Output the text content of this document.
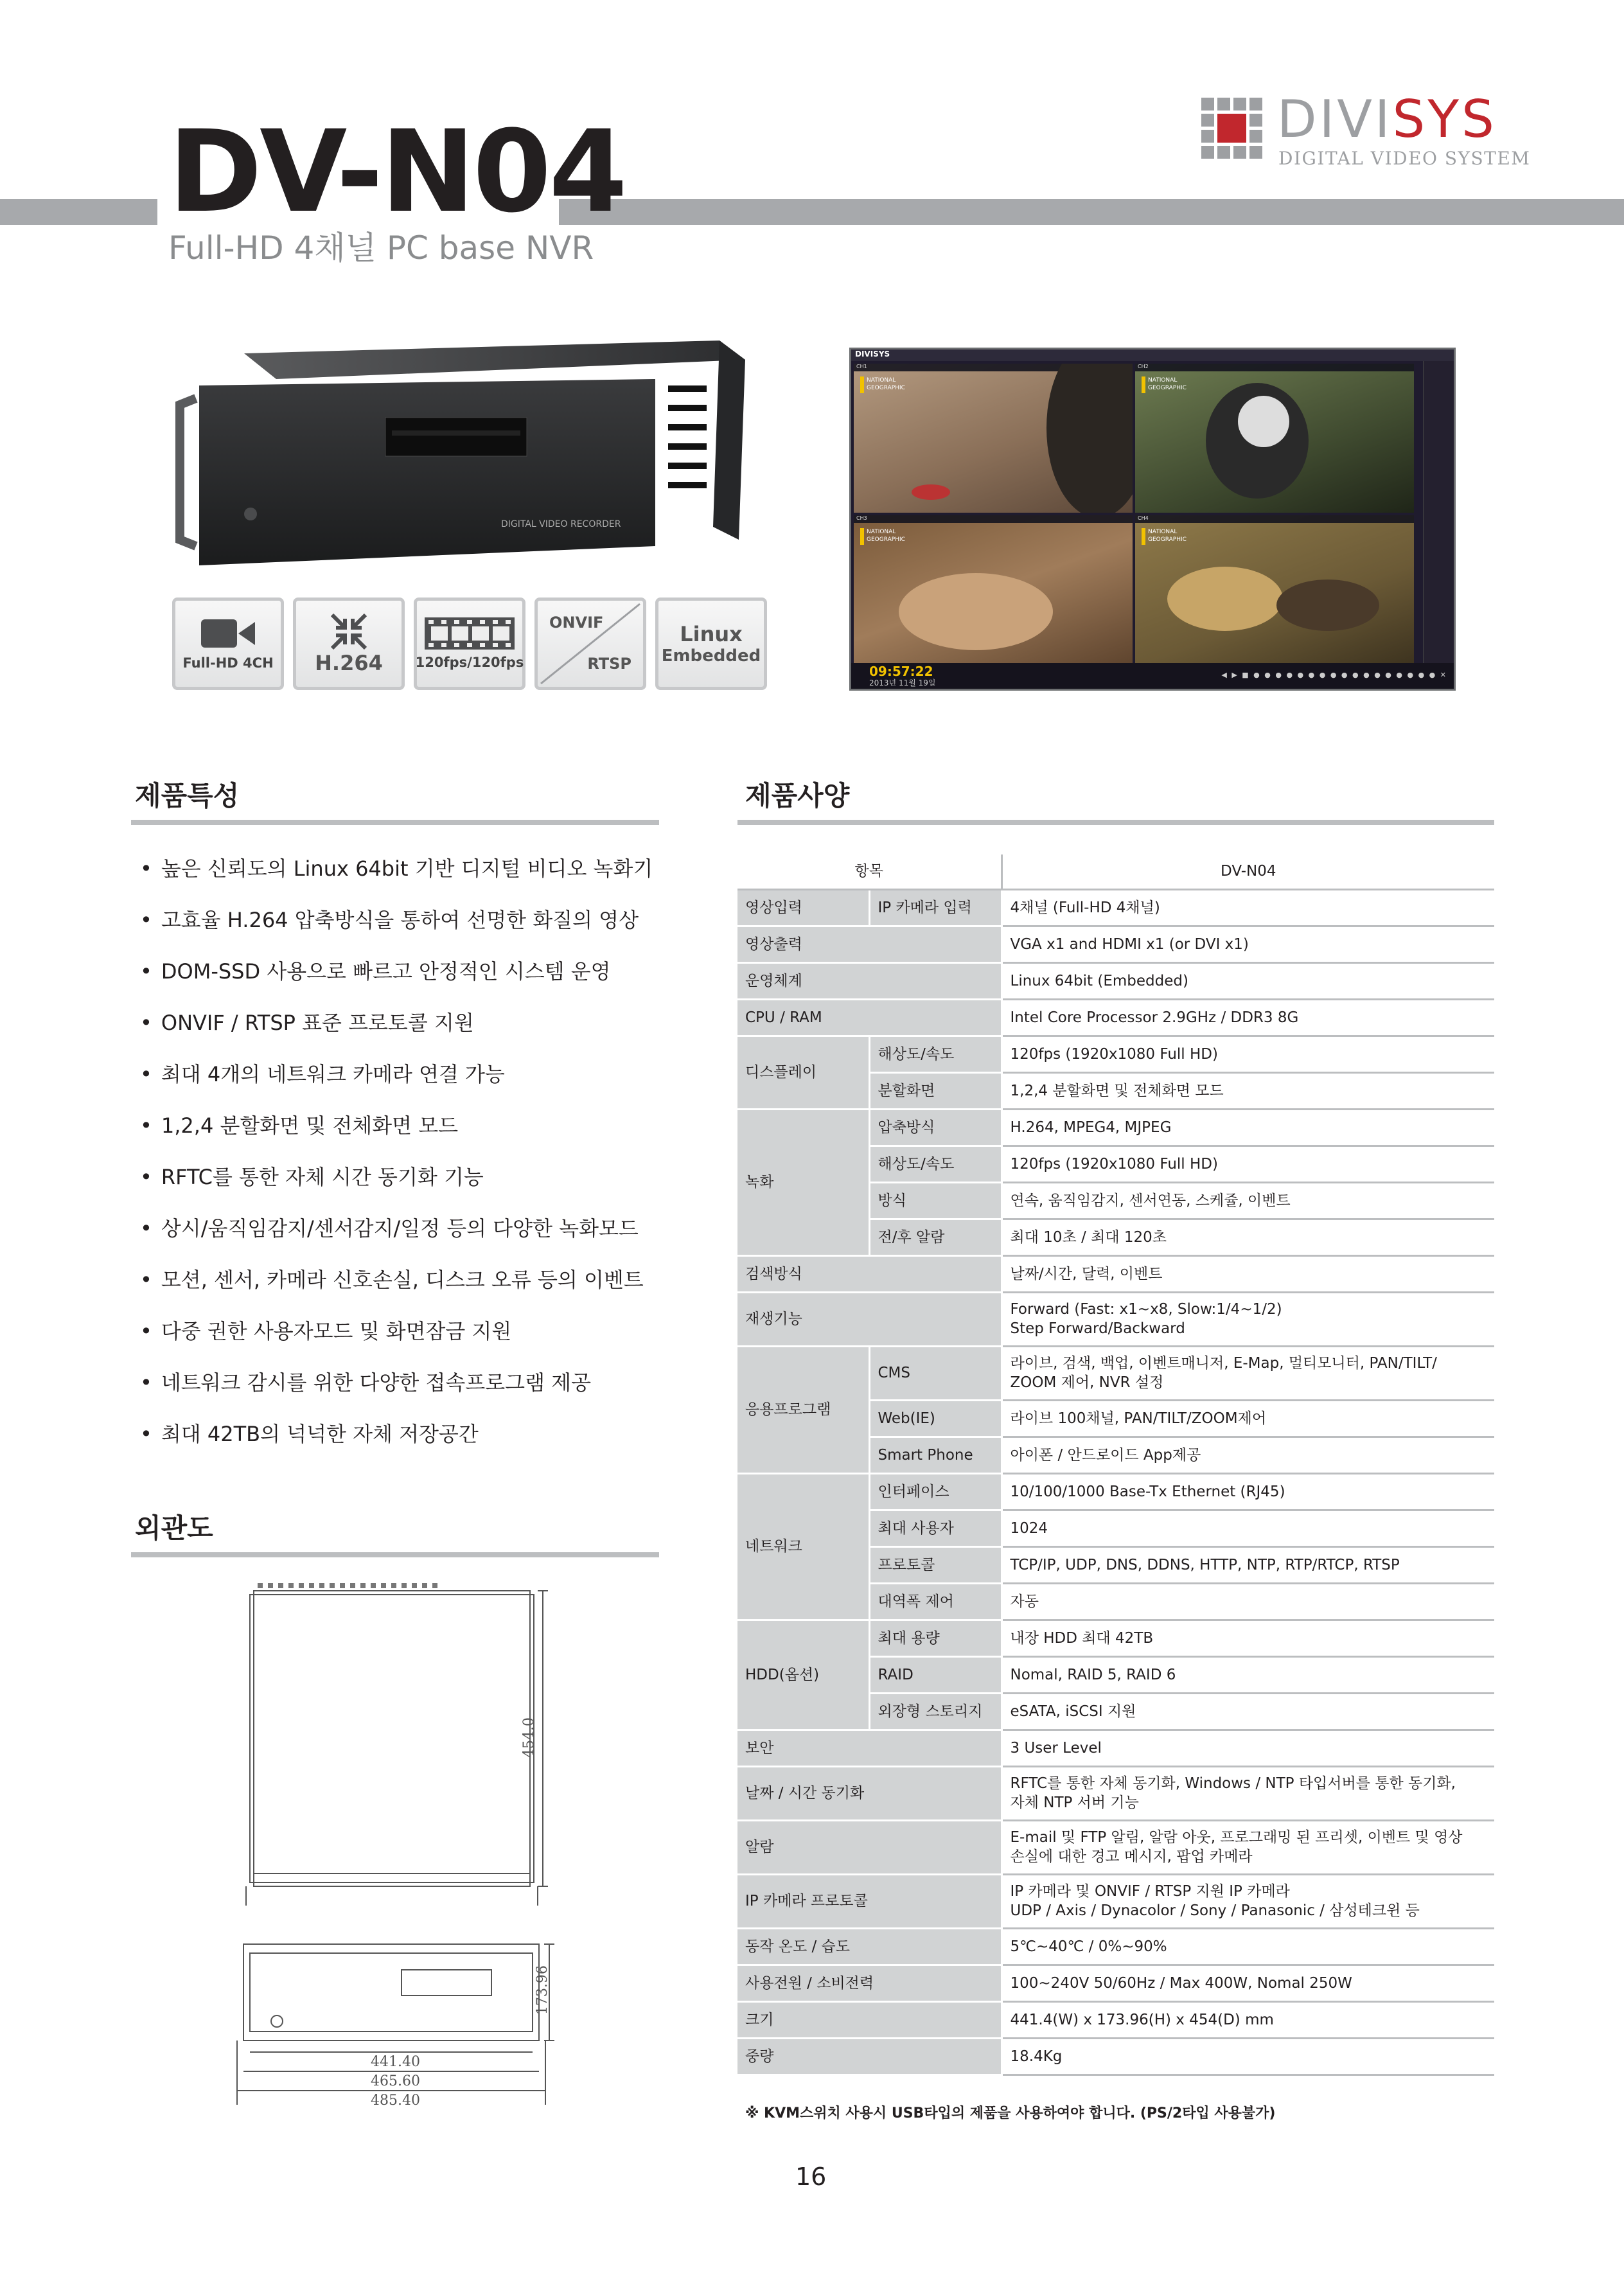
DV-N04
Full-HD 4채널 PC base NVR
DIVISYS
DIGITAL VIDEO SYSTEM
DIGITAL VIDEO RECORDER
Full-HD 4CH H.264 120fps/120fps
ONVIF
RTSP
Linux
Embedded
DIVISYS
CH1
NATIONAL GEOGRAPHIC
CH2
NATIONAL GEOGRAPHIC
CH3
NATIONAL GEOGRAPHIC
CH4
NATIONAL GEOGRAPHIC
09:57:22
2013년 11월 19일
◀ ▶ ■ ● ● ● ● ● ● ● ● ● ● ● ● ● ● ● ● ● ✕
제품특성
• 높은 신뢰도의 Linux 64bit 기반 디지털 비디오 녹화기
• 고효율 H.264 압축방식을 통하여 선명한 화질의 영상
• DOM-SSD 사용으로 빠르고 안정적인 시스템 운영
• ONVIF / RTSP 표준 프로토콜 지원
• 최대 4개의 네트워크 카메라 연결 가능
• 1,2,4 분할화면 및 전체화면 모드
• RFTC를 통한 자체 시간 동기화 기능
• 상시/움직임감지/센서감지/일정 등의 다양한 녹화모드
• 모션, 센서, 카메라 신호손실, 디스크 오류 등의 이벤트
• 다중 권한 사용자모드 및 화면잠금 지원
• 네트워크 감시를 위한 다양한 접속프로그램 제공
• 최대 42TB의 넉넉한 자체 저장공간
외관도
454.0
173.96
441.40
465.60
485.40
제품사양
항목		DV-N04
영상입력	IP 카메라 입력	4채널 (Full-HD 4채널)
영상출력		VGA x1 and HDMI x1 (or DVI x1)
운영체계		Linux 64bit (Embedded)
CPU / RAM		Intel Core Processor 2.9GHz / DDR3 8G
디스플레이	해상도/속도	120fps (1920x1080 Full HD)
	분할화면	1,2,4 분할화면 및 전체화면 모드
녹화	압축방식	H.264, MPEG4, MJPEG
	해상도/속도	120fps (1920x1080 Full HD)
	방식	연속, 움직임감지, 센서연동, 스케쥴, 이벤트
	전/후 알람	최대 10초 / 최대 120초
검색방식		날짜/시간, 달력, 이벤트
재생기능		Forward (Fast: x1~x8, Slow:1/4~1/2)
Step Forward/Backward

응용프로그램	CMS	라이브, 검색, 백업, 이벤트매니저, E-Map, 멀티모니터, PAN/TILT/
ZOOM 제어, NVR 설정

	Web(IE)	라이브 100채널, PAN/TILT/ZOOM제어
	Smart Phone	아이폰 / 안드로이드 App제공
네트워크	인터페이스	10/100/1000 Base-Tx Ethernet (RJ45)
	최대 사용자	1024
	프로토콜	TCP/IP, UDP, DNS, DDNS, HTTP, NTP, RTP/RTCP, RTSP
	대역폭 제어	자동
HDD(옵션)	최대 용량	내장 HDD 최대 42TB
	RAID	Nomal, RAID 5, RAID 6
	외장형 스토리지	eSATA, iSCSI 지원
보안		3 User Level
날짜 / 시간 동기화		RFTC를 통한 자체 동기화, Windows / NTP 타입서버를 통한 동기화,
자체 NTP 서버 기능

알람		E-mail 및 FTP 알림, 알람 아웃, 프로그래밍 된 프리셋, 이벤트 및 영상
손실에 대한 경고 메시지, 팝업 카메라

IP 카메라 프로토콜		IP 카메라 및 ONVIF / RTSP 지원 IP 카메라
UDP / Axis / Dynacolor / Sony / Panasonic / 삼성테크윈 등

동작 온도 / 습도		5℃~40℃ / 0%~90%
사용전원 / 소비전력		100~240V 50/60Hz / Max 400W, Nomal 250W
크기		441.4(W) x 173.96(H) x 454(D) mm
중량		18.4Kg
※ KVM스위치 사용시 USB타입의 제품을 사용하여야 합니다. (PS/2타입 사용불가)
16
